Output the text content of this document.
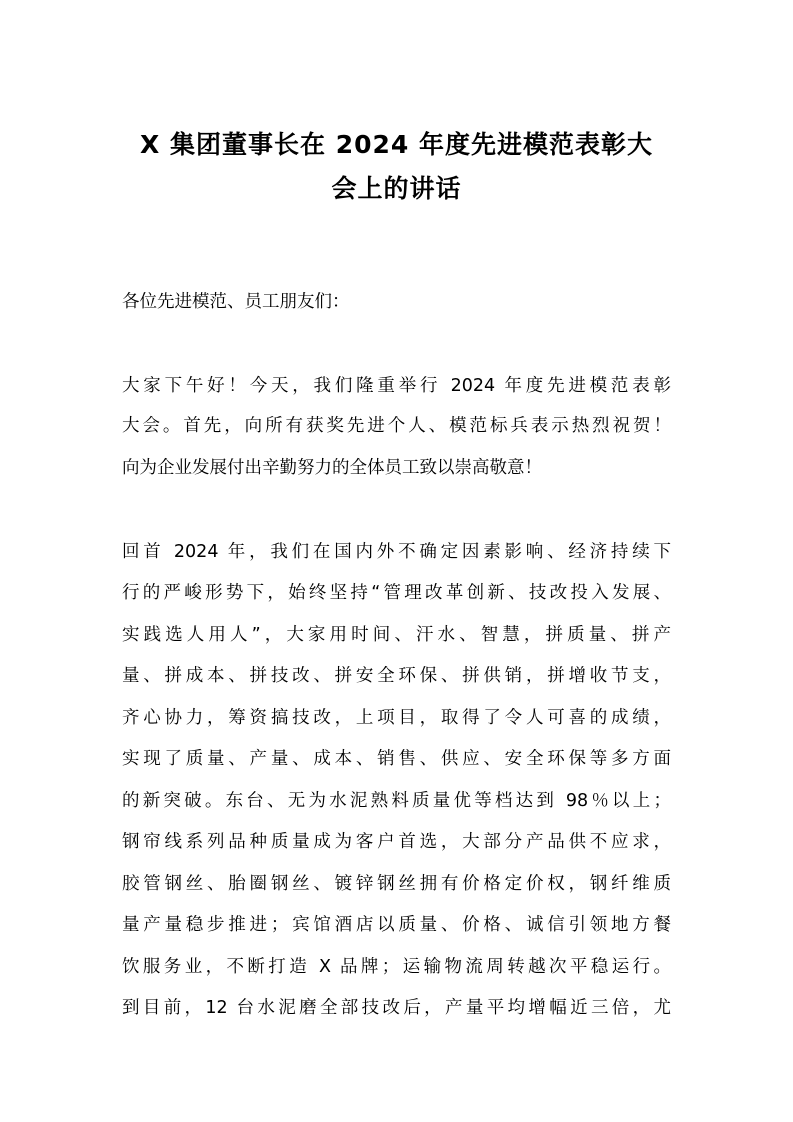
X 集团董事长在 2024 年度先进模范表彰大
会上的讲话
各位先进模范、员工朋友们：
大家下午好！今天，我们隆重举行 2024 年度先进模范表彰
大会。首先，向所有获奖先进个人、模范标兵表示热烈祝贺！
向为企业发展付出辛勤努力的全体员工致以崇高敬意！
回首 2024 年，我们在国内外不确定因素影响、经济持续下
行的严峻形势下，始终坚持“管理改革创新、技改投入发展、
实践选人用人”，大家用时间、汗水、智慧，拼质量、拼产
量、拼成本、拼技改、拼安全环保、拼供销，拼增收节支，
齐心协力，筹资搞技改，上项目，取得了令人可喜的成绩，
实现了质量、产量、成本、销售、供应、安全环保等多方面
的新突破。东台、无为水泥熟料质量优等档达到 98％以上；
钢帘线系列品种质量成为客户首选，大部分产品供不应求，
胶管钢丝、胎圈钢丝、镀锌钢丝拥有价格定价权，钢纤维质
量产量稳步推进；宾馆酒店以质量、价格、诚信引领地方餐
饮服务业，不断打造 X 品牌；运输物流周转越次平稳运行。
到目前，12 台水泥磨全部技改后，产量平均增幅近三倍，尤
